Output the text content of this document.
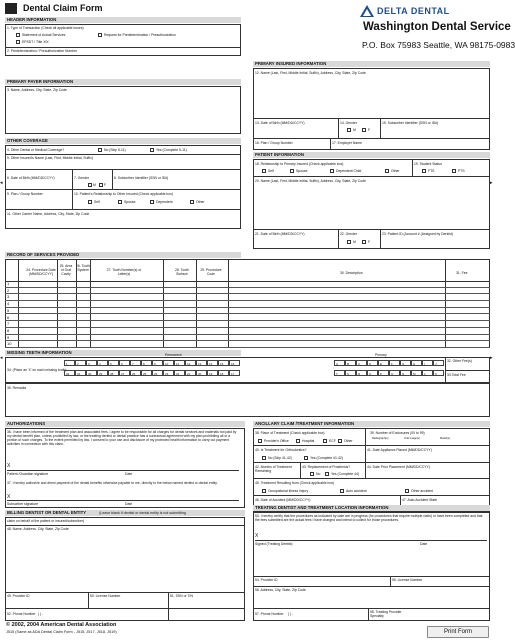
Dental Claim Form	DELTA DENTAL
Washington Dental Service
P.O. Box 75983 Seattle, WA 98175-0983
◂	▸
◂	▸
HEADER INFORMATION
1. Type of Transaction (Check all applicable boxes)
Statement of Actual Services	Request for Predetermination / Preauthorization
EPSDT / Title XIX
2. Predetermination / Preauthorization Number
PRIMARY PAYER INFORMATION
3. Name, Address, City, State, Zip Code
OTHER COVERAGE
4. Other Dental or Medical Coverage?	No (Skip 5-11)	Yes (Complete 5-11)
5. Other Insured's Name (Last, First, Middle Initial, Suffix)
6. Date of Birth (MM/DD/CCYY)	7. Gender
M F
8. Subscriber Identifier (SSN or ID#)
9. Plan / Group Number	10. Patient's Relationship to Other Insured (Check applicable box)
Self	Spouse	Dependent	Other
11. Other Carrier Name, Address, City, State, Zip Code
PRIMARY INSURED INFORMATION
12. Name (Last, First, Middle Initial, Suffix), Address, City, State, Zip Code
13. Date of Birth (MM/DD/CCYY)	14. Gender
M	F
15. Subscriber Identifier (SSN or ID#)
16. Plan / Group Number	17. Employer Name
PATIENT INFORMATION
18. Relationship to Primary Insured (Check applicable box)
Self	Spouse	Dependent Child	Other
19. Student Status
FTS	PTS
20. Name (Last, First, Middle Initial, Suffix), Address, City, State, Zip Code
21. Date of Birth (MM/DD/CCYY)	22. Gender
M	F
23. Patient ID (Account # (Assigned by Dentist)
RECORD OF SERVICES PROVIDED
24. Procedure Date (MM/DD/CCYY)
25. Area of Oral Cavity
26. Tooth System	27. Tooth Number(s) or Letter(s)
28. Tooth Surface
29. Procedure Code	30. Description	31. Fee
1
2
3
4
5
6
7
8
9
10
MISSING TEETH INFORMATION	Permanent	Primary
34. (Place an 'X' on each missing tooth)
1	2	3	4	5	6	7	8	9	10	11	12	13	14	15	16
32	31	30	29	28	27	26	25	24	23	22	21	20	19	18	17
A	B	C	D	E	F	G	H	I	J
T	S	R	Q	P	O	N	M	L	K
32. Other Fee(s)
33.Total Fee
35. Remarks
AUTHORIZATIONS
36. I have been informed of the treatment plan and associated fees. I agree to be responsible for all charges for dental services and materials not paid by my dental benefit plan, unless prohibited by law, or the treating dentist or dental practice has a contractual agreement with my plan prohibiting all or a portion of such charges. To the extent permitted by law, I consent to your use and disclosure of my protected health information to carry out payment activities in connection with this claim.
X
Patient /Guardian signature	Date
37. I hereby authorize and direct payment of the dental benefits otherwise payable to me, directly to the below named dentist or dental entity.
X
Subscriber signature	Date
BILLING DENTIST OR DENTAL ENTITY	(Leave blank if dentist or dental entity is not submitting
claim on behalf of the patient or insured/subscriber)
48. Name, Address, City, State, Zip Code
49. Provider ID	50. License Number	51. SSN or TIN
52. Phone Number ( ) -
ANCILLARY CLAIM /TREATMENT INFORMATION
38. Place of Treatment (Check applicable box)
Provider's Office	Hospital	ECF Other
39. Number of Enclosures (00 to 99)
Radiograph(s)	Oral Image(s)	Model(s)
40. Is Treatment for Orthodontics?
No (Skip 41-42)	Yes (Complete 41-42)
41. Date Appliance Placed (MM/DD/CCYY)
42. Months of Treatment Remaining
43. Replacement of Prosthesis?
No	Yes (Complete 44)
44. Date Prior Placement (MM/DD/CCYY)
45. Treatment Resulting from (Check applicable box)
Occupational illness /injury	Auto accident	Other accident
46. Date of Accident (MM/DD/CCYY)	47. Auto Accident State
TREATING DENTIST AND TREATMENT LOCATION INFORMATION
53. I hereby certify that the procedures as indicated by date are in progress (for procedures that require multiple visits) or have been completed and that the fees submitted are the actual fees I have charged and intend to collect for those procedures.
X
Signed (Treating Dentist)	Date
54. Provider ID	55. License Number
56. Address, City, State, Zip Code
57. Phone Number ( ) -	58. Treating Provider Specialty
© 2002, 2004 American Dental Association
J515 (Same as ADA Dental Claim Form - J515, J517, J518, J519)	Print Form
